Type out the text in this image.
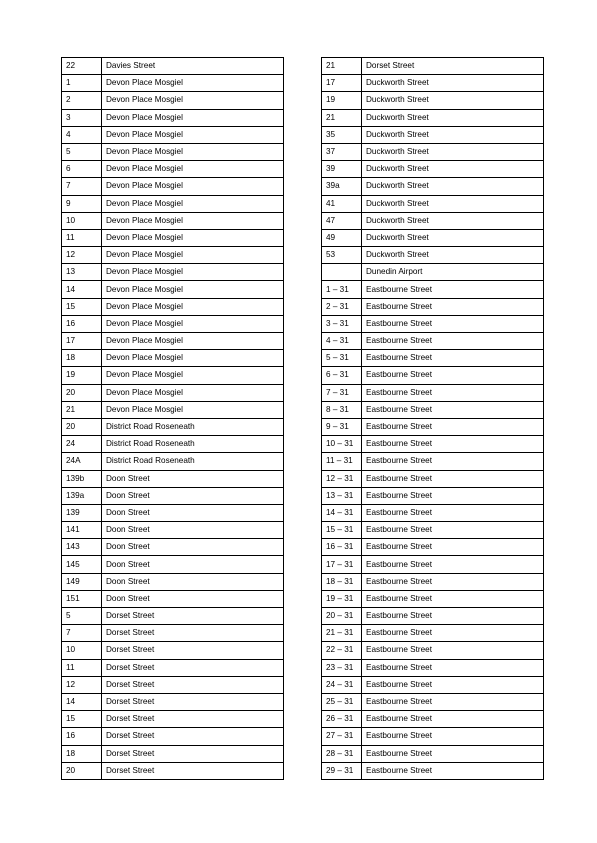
22	Davies Street
1	Devon Place Mosgiel
2	Devon Place Mosgiel
3	Devon Place Mosgiel
4	Devon Place Mosgiel
5	Devon Place Mosgiel
6	Devon Place Mosgiel
7	Devon Place Mosgiel
9	Devon Place Mosgiel
10	Devon Place Mosgiel
11	Devon Place Mosgiel
12	Devon Place Mosgiel
13	Devon Place Mosgiel
14	Devon Place Mosgiel
15	Devon Place Mosgiel
16	Devon Place Mosgiel
17	Devon Place Mosgiel
18	Devon Place Mosgiel
19	Devon Place Mosgiel
20	Devon Place Mosgiel
21	Devon Place Mosgiel
20	District Road Roseneath
24	District Road Roseneath
24A	District Road Roseneath
139b	Doon Street
139a	Doon Street
139	Doon Street
141	Doon Street
143	Doon Street
145	Doon Street
149	Doon Street
151	Doon Street
5	Dorset Street
7	Dorset Street
10	Dorset Street
11	Dorset Street
12	Dorset Street
14	Dorset Street
15	Dorset Street
16	Dorset Street
18	Dorset Street
20	Dorset Street
21	Dorset Street
17	Duckworth Street
19	Duckworth Street
21	Duckworth Street
35	Duckworth Street
37	Duckworth Street
39	Duckworth Street
39a	Duckworth Street
41	Duckworth Street
47	Duckworth Street
49	Duckworth Street
53	Duckworth Street
	Dunedin Airport
1 – 31	Eastbourne Street
2 – 31	Eastbourne Street
3 – 31	Eastbourne Street
4 – 31	Eastbourne Street
5 – 31	Eastbourne Street
6 – 31	Eastbourne Street
7 – 31	Eastbourne Street
8 – 31	Eastbourne Street
9 – 31	Eastbourne Street
10 – 31	Eastbourne Street
11 – 31	Eastbourne Street
12 – 31	Eastbourne Street
13 – 31	Eastbourne Street
14 – 31	Eastbourne Street
15 – 31	Eastbourne Street
16 – 31	Eastbourne Street
17 – 31	Eastbourne Street
18 – 31	Eastbourne Street
19 – 31	Eastbourne Street
20 – 31	Eastbourne Street
21 – 31	Eastbourne Street
22 – 31	Eastbourne Street
23 – 31	Eastbourne Street
24 – 31	Eastbourne Street
25 – 31	Eastbourne Street
26 – 31	Eastbourne Street
27 – 31	Eastbourne Street
28 – 31	Eastbourne Street
29 – 31	Eastbourne Street
